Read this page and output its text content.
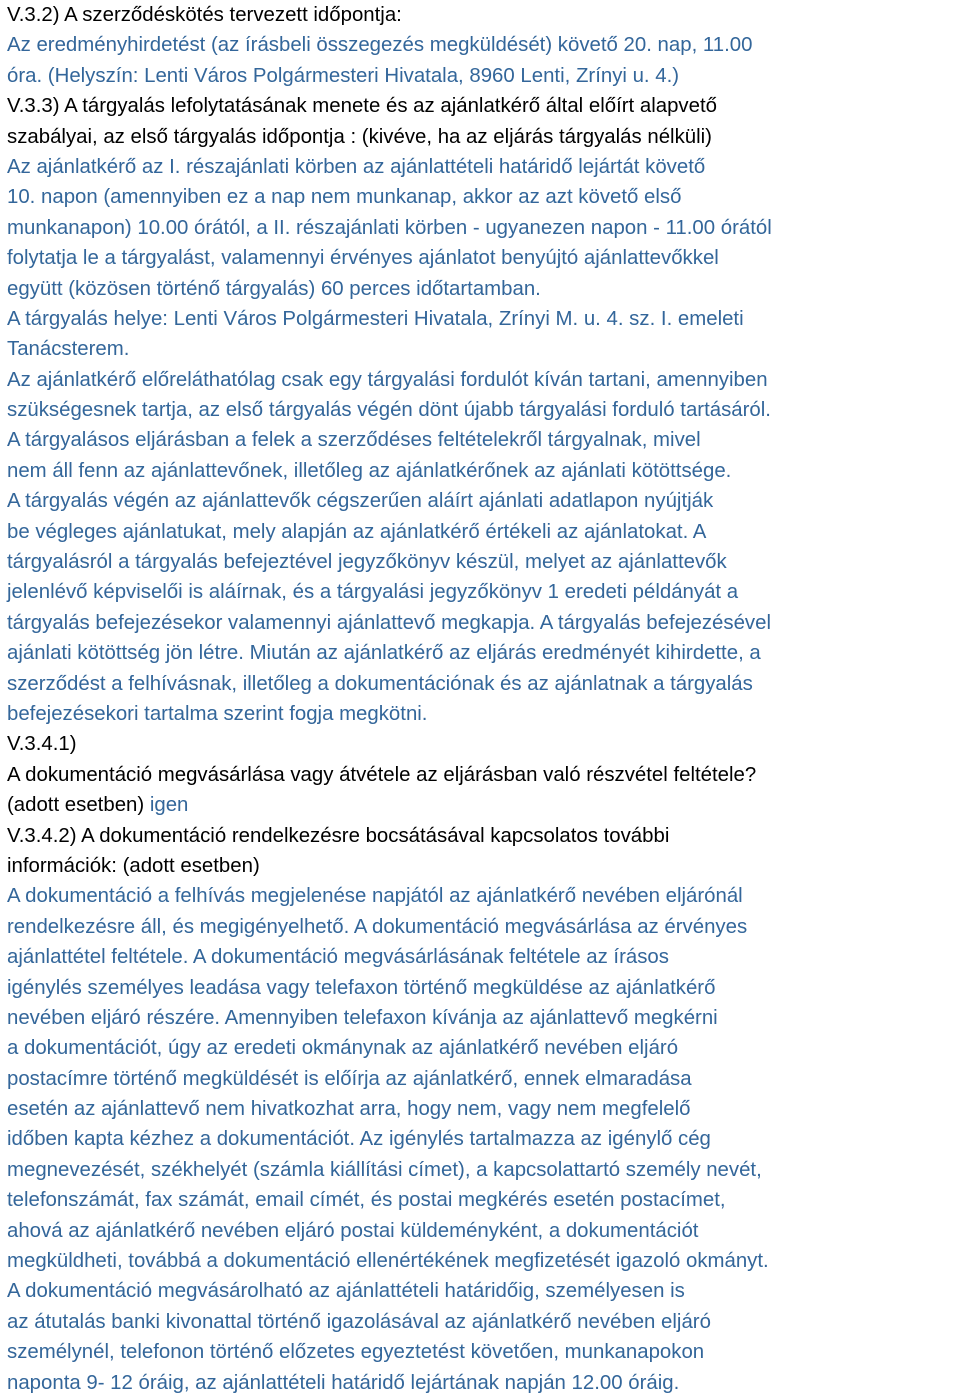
V.3.2) A szerződéskötés tervezett időpontja:
Az eredményhirdetést (az írásbeli összegezés megküldését) követő 20. nap, 11.00
óra. (Helyszín: Lenti Város Polgármesteri Hivatala, 8960 Lenti, Zrínyi u. 4.)
V.3.3) A tárgyalás lefolytatásának menete és az ajánlatkérő által előírt alapvető
szabályai, az első tárgyalás időpontja : (kivéve, ha az eljárás tárgyalás nélküli)
Az ajánlatkérő az I. részajánlati körben az ajánlattételi határidő lejártát követő
10. napon (amennyiben ez a nap nem munkanap, akkor az azt követő első
munkanapon) 10.00 órától, a II. részajánlati körben - ugyanezen napon - 11.00 órától
folytatja le a tárgyalást, valamennyi érvényes ajánlatot benyújtó ajánlattevőkkel
együtt (közösen történő tárgyalás) 60 perces időtartamban.
A tárgyalás helye: Lenti Város Polgármesteri Hivatala, Zrínyi M. u. 4. sz. I. emeleti
Tanácsterem.
Az ajánlatkérő előreláthatólag csak egy tárgyalási fordulót kíván tartani, amennyiben
szükségesnek tartja, az első tárgyalás végén dönt újabb tárgyalási forduló tartásáról.
A tárgyalásos eljárásban a felek a szerződéses feltételekről tárgyalnak, mivel
nem áll fenn az ajánlattevőnek, illetőleg az ajánlatkérőnek az ajánlati kötöttsége.
A tárgyalás végén az ajánlattevők cégszerűen aláírt ajánlati adatlapon nyújtják
be végleges ajánlatukat, mely alapján az ajánlatkérő értékeli az ajánlatokat. A
tárgyalásról a tárgyalás befejeztével jegyzőkönyv készül, melyet az ajánlattevők
jelenlévő képviselői is aláírnak, és a tárgyalási jegyzőkönyv 1 eredeti példányát a
tárgyalás befejezésekor valamennyi ajánlattevő megkapja. A tárgyalás befejezésével
ajánlati kötöttség jön létre. Miután az ajánlatkérő az eljárás eredményét kihirdette, a
szerződést a felhívásnak, illetőleg a dokumentációnak és az ajánlatnak a tárgyalás
befejezésekori tartalma szerint fogja megkötni.
V.3.4.1)
A dokumentáció megvásárlása vagy átvétele az eljárásban való részvétel feltétele?
(adott esetben) igen
V.3.4.2) A dokumentáció rendelkezésre bocsátásával kapcsolatos további
információk: (adott esetben)
A dokumentáció a felhívás megjelenése napjától az ajánlatkérő nevében eljárónál
rendelkezésre áll, és megigényelhető. A dokumentáció megvásárlása az érvényes
ajánlattétel feltétele. A dokumentáció megvásárlásának feltétele az írásos
igénylés személyes leadása vagy telefaxon történő megküldése az ajánlatkérő
nevében eljáró részére. Amennyiben telefaxon kívánja az ajánlattevő megkérni
a dokumentációt, úgy az eredeti okmánynak az ajánlatkérő nevében eljáró
postacímre történő megküldését is előírja az ajánlatkérő, ennek elmaradása
esetén az ajánlattevő nem hivatkozhat arra, hogy nem, vagy nem megfelelő
időben kapta kézhez a dokumentációt. Az igénylés tartalmazza az igénylő cég
megnevezését, székhelyét (számla kiállítási címet), a kapcsolattartó személy nevét,
telefonszámát, fax számát, email címét, és postai megkérés esetén postacímet,
ahová az ajánlatkérő nevében eljáró postai küldeményként, a dokumentációt
megküldheti, továbbá a dokumentáció ellenértékének megfizetését igazoló okmányt.
A dokumentáció megvásárolható az ajánlattételi határidőig, személyesen is
az átutalás banki kivonattal történő igazolásával az ajánlatkérő nevében eljáró
személynél, telefonon történő előzetes egyeztetést követően, munkanapokon
naponta 9- 12 óráig, az ajánlattételi határidő lejártának napján 12.00 óráig.
